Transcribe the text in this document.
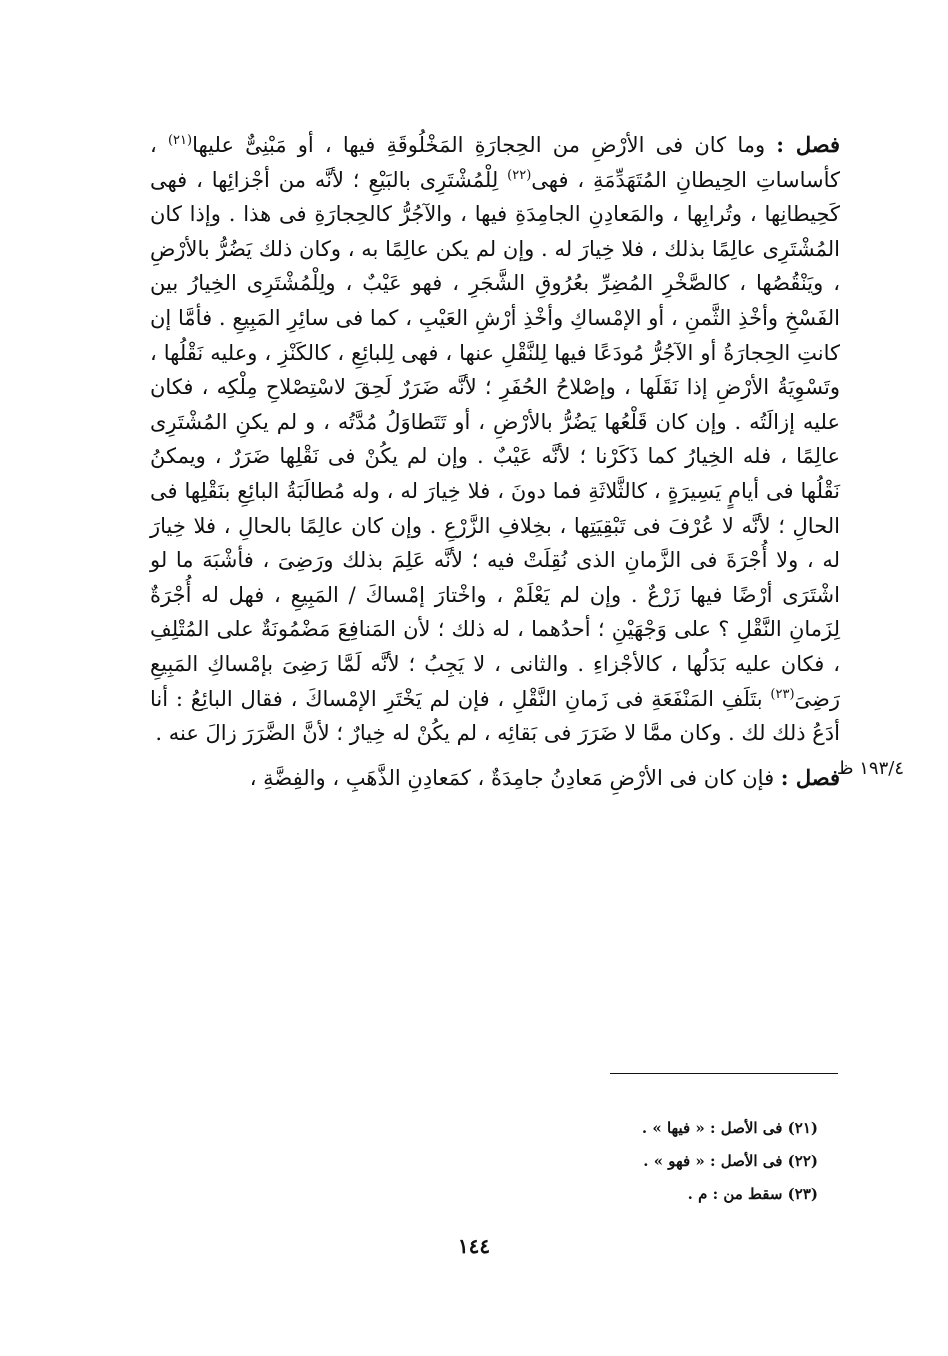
فصل : وما كان فى الأرْضِ من الحِجارَةِ المَخْلُوقَةِ فيها ، أو مَبْنِىٌّ عليها$^{(٢١)}$ ، كأساساتِ الحِيطانِ المُتَهَدِّمَةِ ، فهى$^{(٢٢)}$ لِلْمُشْتَرِى بالبَيْعِ ؛ لأنَّه من أجْزائِها ، فهى كَحِيطانِها ، وتُرابِها ، والمَعادِنِ الجامِدَةِ فيها ، والآجُرُّ كالحِجارَةِ فى هذا . وإذا كان المُشْتَرِى عالِمًا بذلك ، فلا خِيارَ له . وإن لم يكن عالِمًا به ، وكان ذلك يَضُرُّ بالأرْضِ ، ويَنْقُصُها ، كالصَّخْرِ المُضِرِّ بعُرُوقِ الشَّجَرِ ، فهو عَيْبٌ ، ولِلْمُشْتَرِى الخِيارُ بين الفَسْخِ وأخْذِ الثَّمنِ ، أو الإمْساكِ وأخْذِ أرْشِ العَيْبِ ، كما فى سائِرِ المَبِيعِ . فأمَّا إن كانتِ الحِجارَةُ أو الآجُرُّ مُودَعًا فيها لِلنَّقْلِ عنها ، فهى لِلبائِعِ ، كالكَنْزِ ، وعليه نَقْلُها ، وتَسْوِيَةُ الأرْضِ إذا نَقَلَها ، وإصْلاحُ الحُفَرِ ؛ لأنَّه ضَرَرٌ لَحِقَ لاسْتِصْلاحِ مِلْكِه ، فكان عليه إزالَتُه . وإن كان قَلْعُها يَضُرُّ بالأرْضِ ، أو تَتَطاوَلُ مُدَّتُه ، و لم يكنِ المُشْتَرِى عالِمًا ، فله الخِيارُ كما ذَكَرْنا ؛ لأنَّه عَيْبٌ . وإن لم يكُنْ فى نَقْلِها ضَرَرٌ ، ويمكنُ نَقْلُها فى أيامٍ يَسِيرَةٍ ، كالثَّلاثَةِ فما دونَ ، فلا خِيارَ له ، وله مُطالَبَةُ البائِعِ بنَقْلِها فى الحالِ ؛ لأنَّه لا عُرْفَ فى تَبْقِيَتِها ، بخِلافِ الزَّرْعِ . وإن كان عالِمًا بالحالِ ، فلا خِيارَ له ، ولا أُجْرَةَ فى الزَّمانِ الذى نُقِلَتْ فيه ؛ لأنَّه عَلِمَ بذلك ورَضِىَ ، فأشْبَهَ ما لو اشْتَرَى أرْضًا فيها زَرْعٌ . وإن لم يَعْلَمْ ، واخْتارَ إمْساكَ / المَبِيعِ ، فهل له أُجْرَةٌ لِزَمانِ النَّقْلِ ؟ على وَجْهَيْنِ ؛ أحدُهما ، له ذلك ؛ لأن المَنافِعَ مَضْمُونَةٌ على المُتْلِفِ ، فكان عليه بَدَلُها ، كالأجْزاءِ . والثانى ، لا يَجِبُ ؛ لأنَّه لَمَّا رَضِىَ بإمْساكِ المَبِيعِ رَضِىَ$^{(٢٣)}$ بتَلَفِ المَنْفَعَةِ فى زَمانِ النَّقْلِ ، فإن لم يَخْتَرِ الإمْساكَ ، فقال البائِعُ : أنا أدَعُ ذلك لك . وكان ممَّا لا ضَرَرَ فى بَقائِه ، لم يكُنْ له خِيارٌ ؛ لأنَّ الضَّرَرَ زالَ عنه .

فصل : فإن كان فى الأرْضِ مَعادِنُ جامِدَةٌ ، كمَعادِنِ الذَّهَبِ ، والفِضَّةِ ،	١٩٣/٤ ظ

(٢١) فى الأصل : « فيها » .

(٢٢) فى الأصل : « فهو » .

(٢٣) سقط من : م .

١٤٤
